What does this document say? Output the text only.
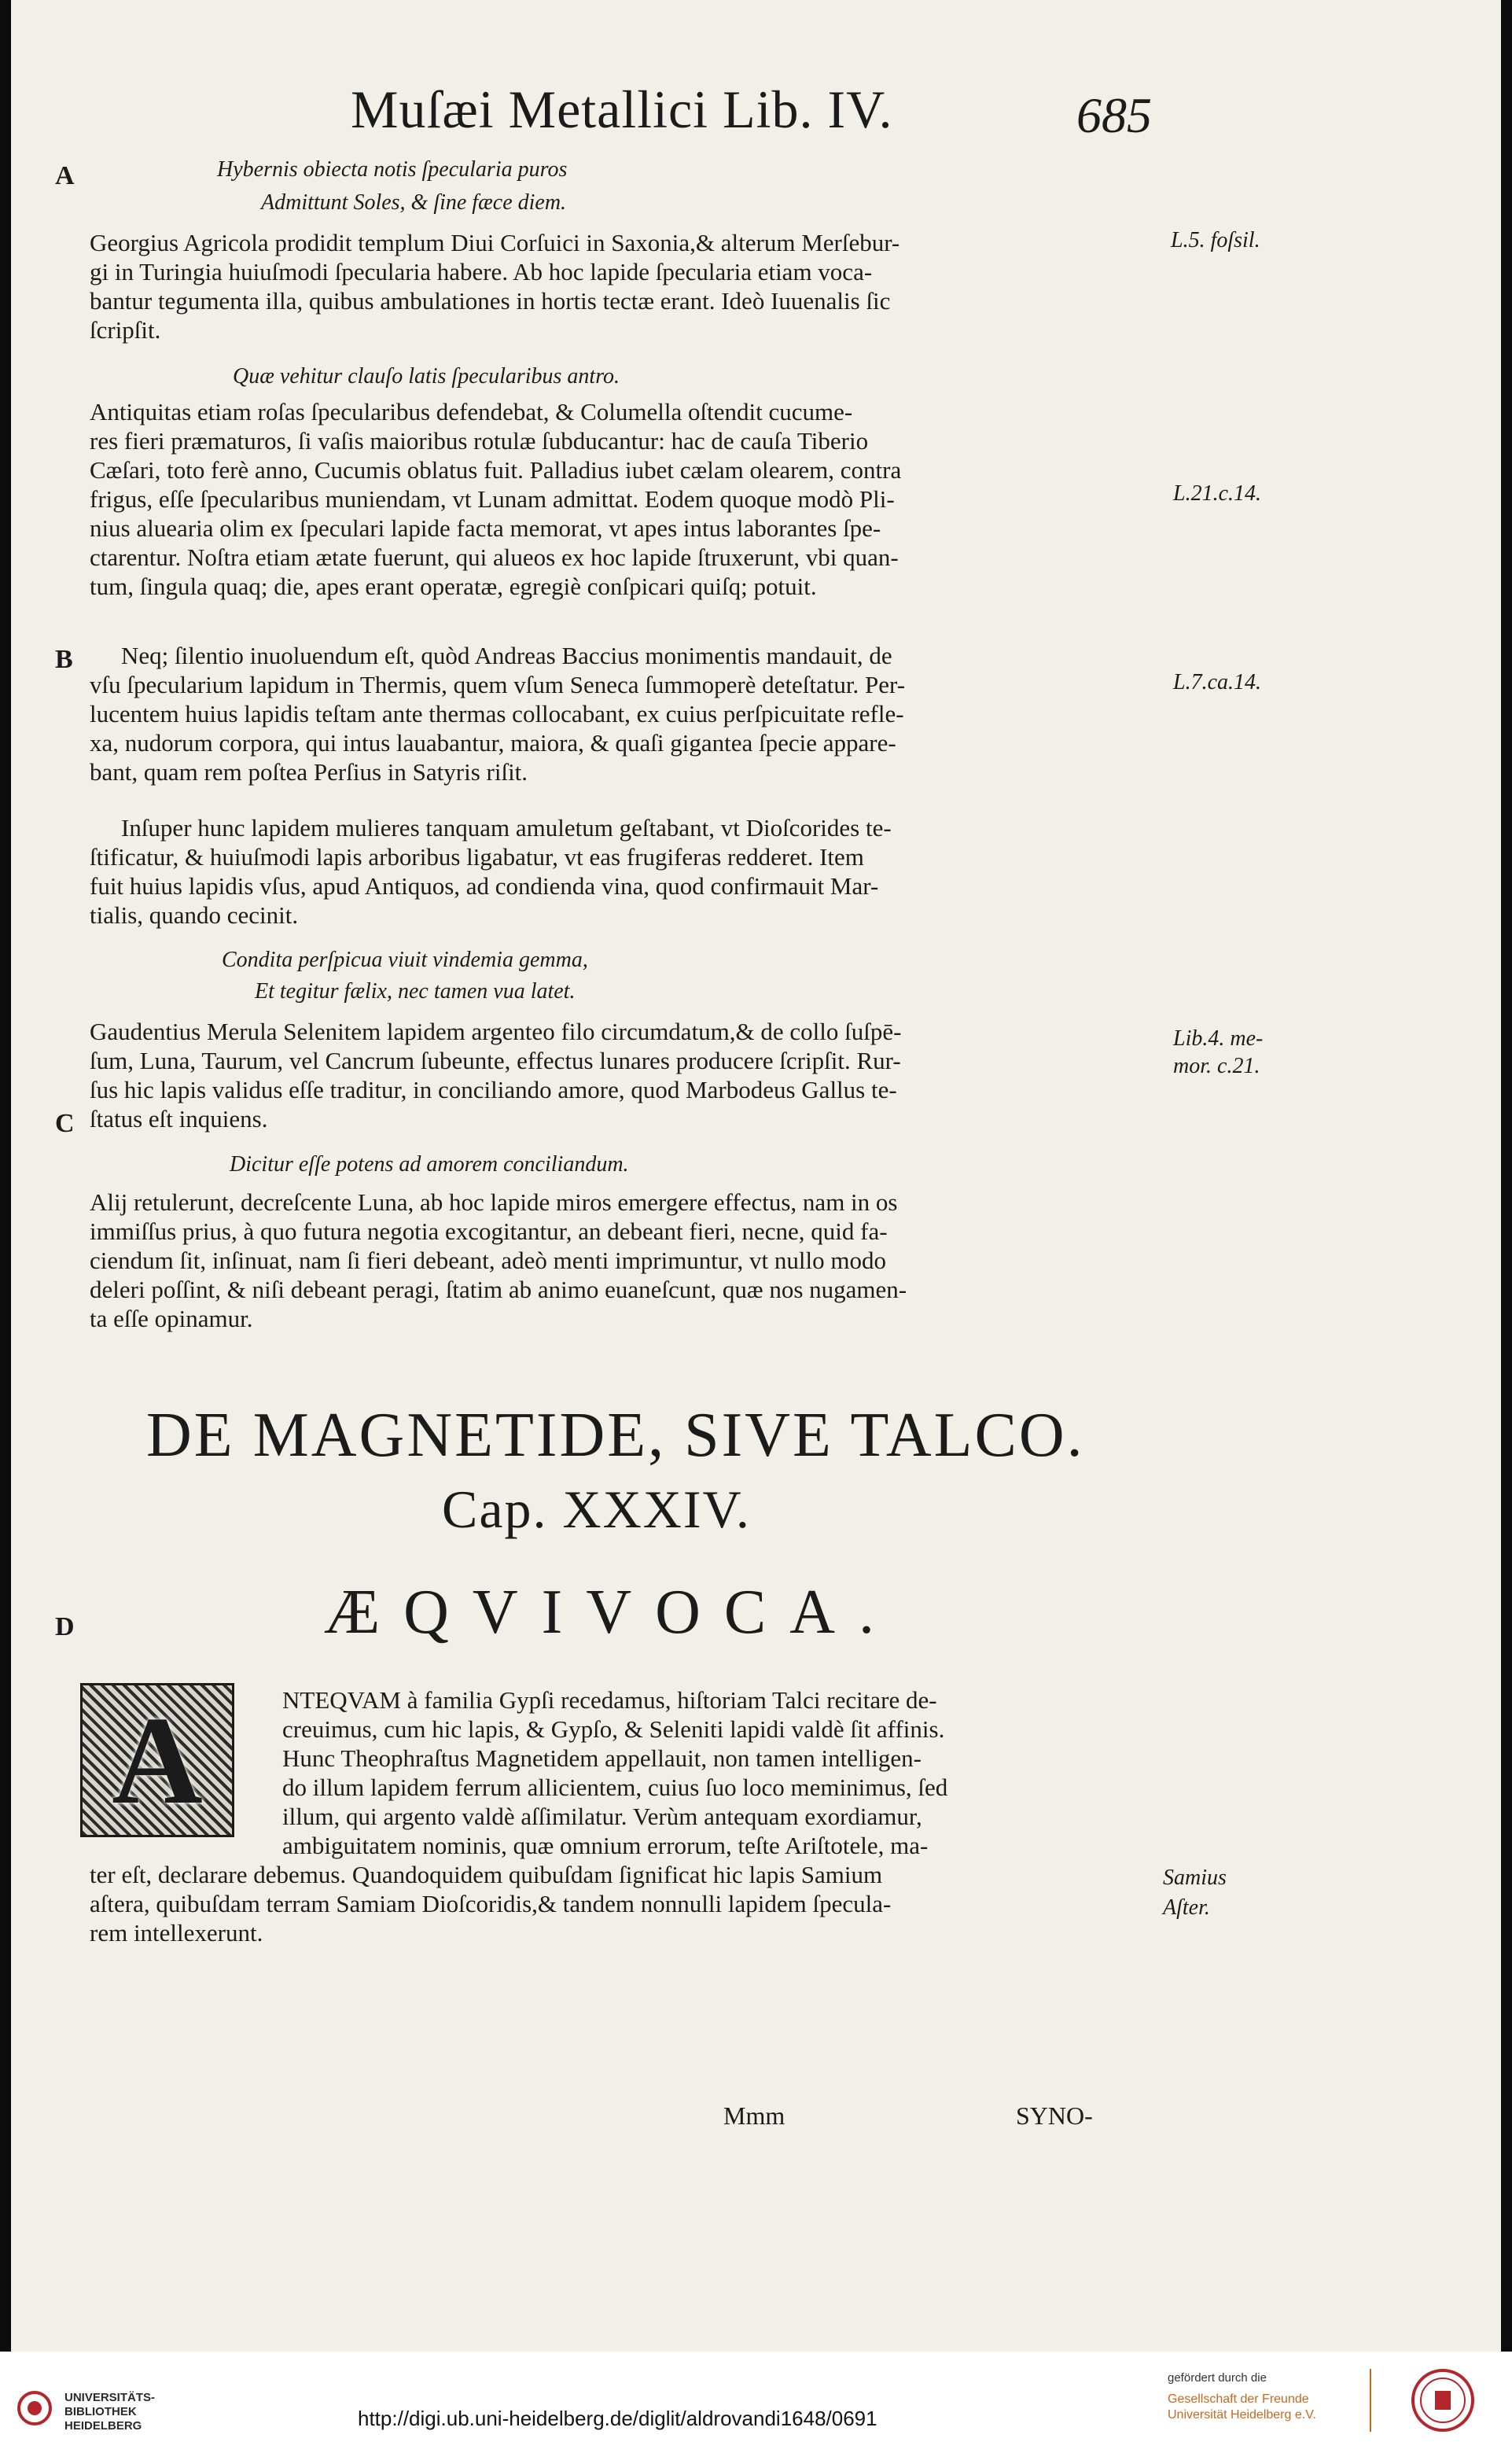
Muſæi Metallici Lib. IV.	685
A	Hybernis obiecta notis ſpecularia puros
Admittunt Soles, & ſine fæce diem.
Georgius Agricola prodidit templum Diui Corſuici in Saxonia,& alterum Merſebur-
gi in Turingia huiuſmodi ſpecularia habere. Ab hoc lapide ſpecularia etiam voca-
bantur tegumenta illa, quibus ambulationes in hortis tectæ erant. Ideò Iuuenalis ſic
ſcripſit.
L.5. foſsil.
Quæ vehitur clauſo latis ſpecularibus antro.
Antiquitas etiam roſas ſpecularibus defendebat, & Columella oſtendit cucume-
res fieri præmaturos, ſi vaſis maioribus rotulæ ſubducantur: hac de cauſa Tiberio
Cæſari, toto ferè anno, Cucumis oblatus fuit. Palladius iubet cælam olearem, contra
frigus, eſſe ſpecularibus muniendam, vt Lunam admittat. Eodem quoque modò Pli-
nius aluearia olim ex ſpeculari lapide facta memorat, vt apes intus laborantes ſpe-
ctarentur. Noſtra etiam ætate fuerunt, qui alueos ex hoc lapide ſtruxerunt, vbi quan-
tum, ſingula quaq; die, apes erant operatæ, egregiè conſpicari quiſq; potuit.
L.21.c.14.
B Neq; ſilentio inuoluendum eſt, quòd Andreas Baccius monimentis mandauit, de
vſu ſpecularium lapidum in Thermis, quem vſum Seneca ſummoperè deteſtatur. Per-
lucentem huius lapidis teſtam ante thermas collocabant, ex cuius perſpicuitate refle-
xa, nudorum corpora, qui intus lauabantur, maiora, & quaſi gigantea ſpecie appare-
bant, quam rem poſtea Perſius in Satyris riſit.
L.7.ca.14.
Inſuper hunc lapidem mulieres tanquam amuletum geſtabant, vt Dioſcorides te-
ſtificatur, & huiuſmodi lapis arboribus ligabatur, vt eas frugiferas redderet. Item
fuit huius lapidis vſus, apud Antiquos, ad condienda vina, quod confirmauit Mar-
tialis, quando cecinit.
Condita perſpicua viuit vindemia gemma,
Et tegitur fælix, nec tamen vua latet.
Gaudentius Merula Selenitem lapidem argenteo filo circumdatum,& de collo ſuſpē-
ſum, Luna, Taurum, vel Cancrum ſubeunte, effectus lunares producere ſcripſit. Rur-
ſus hic lapis validus eſſe traditur, in conciliando amore, quod Marbodeus Gallus te-
ſtatus eſt inquiens.
Lib.4. me-
mor. c.21.
C
Dicitur eſſe potens ad amorem conciliandum.
Alij retulerunt, decreſcente Luna, ab hoc lapide miros emergere effectus, nam in os
immiſſus prius, à quo futura negotia excogitantur, an debeant fieri, necne, quid fa-
ciendum ſit, inſinuat, nam ſi fieri debeant, adeò menti imprimuntur, vt nullo modo
deleri poſſint, & niſi debeant peragi, ſtatim ab animo euaneſcunt, quæ nos nugamen-
ta eſſe opinamur.
DE MAGNETIDE, SIVE TALCO.
Cap. XXXIV.
D	ÆQVIVOCA.
A	NTEQVAM à familia Gypſi recedamus, hiſtoriam Talci recitare de-
creuimus, cum hic lapis, & Gypſo, & Seleniti lapidi valdè ſit affinis.
Hunc Theophraſtus Magnetidem appellauit, non tamen intelligen-
do illum lapidem ferrum allicientem, cuius ſuo loco meminimus, ſed
illum, qui argento valdè aſſimilatur. Verùm antequam exordiamur,
ambiguitatem nominis, quæ omnium errorum, teſte Ariſtotele, ma-
ter eſt, declarare debemus. Quandoquidem quibuſdam ſignificat hic lapis Samium
aſtera, quibuſdam terram Samiam Dioſcoridis,& tandem nonnulli lapidem ſpecula-
rem intellexerunt.
Samius
Aſter.
Mmm	SYNO-
UNIVERSITÄTS-
BIBLIOTHEK
HEIDELBERG	http://digi.ub.uni-heidelberg.de/diglit/aldrovandi1648/0691
gefördert durch die
Gesellschaft der Freunde
Universität Heidelberg e.V.
